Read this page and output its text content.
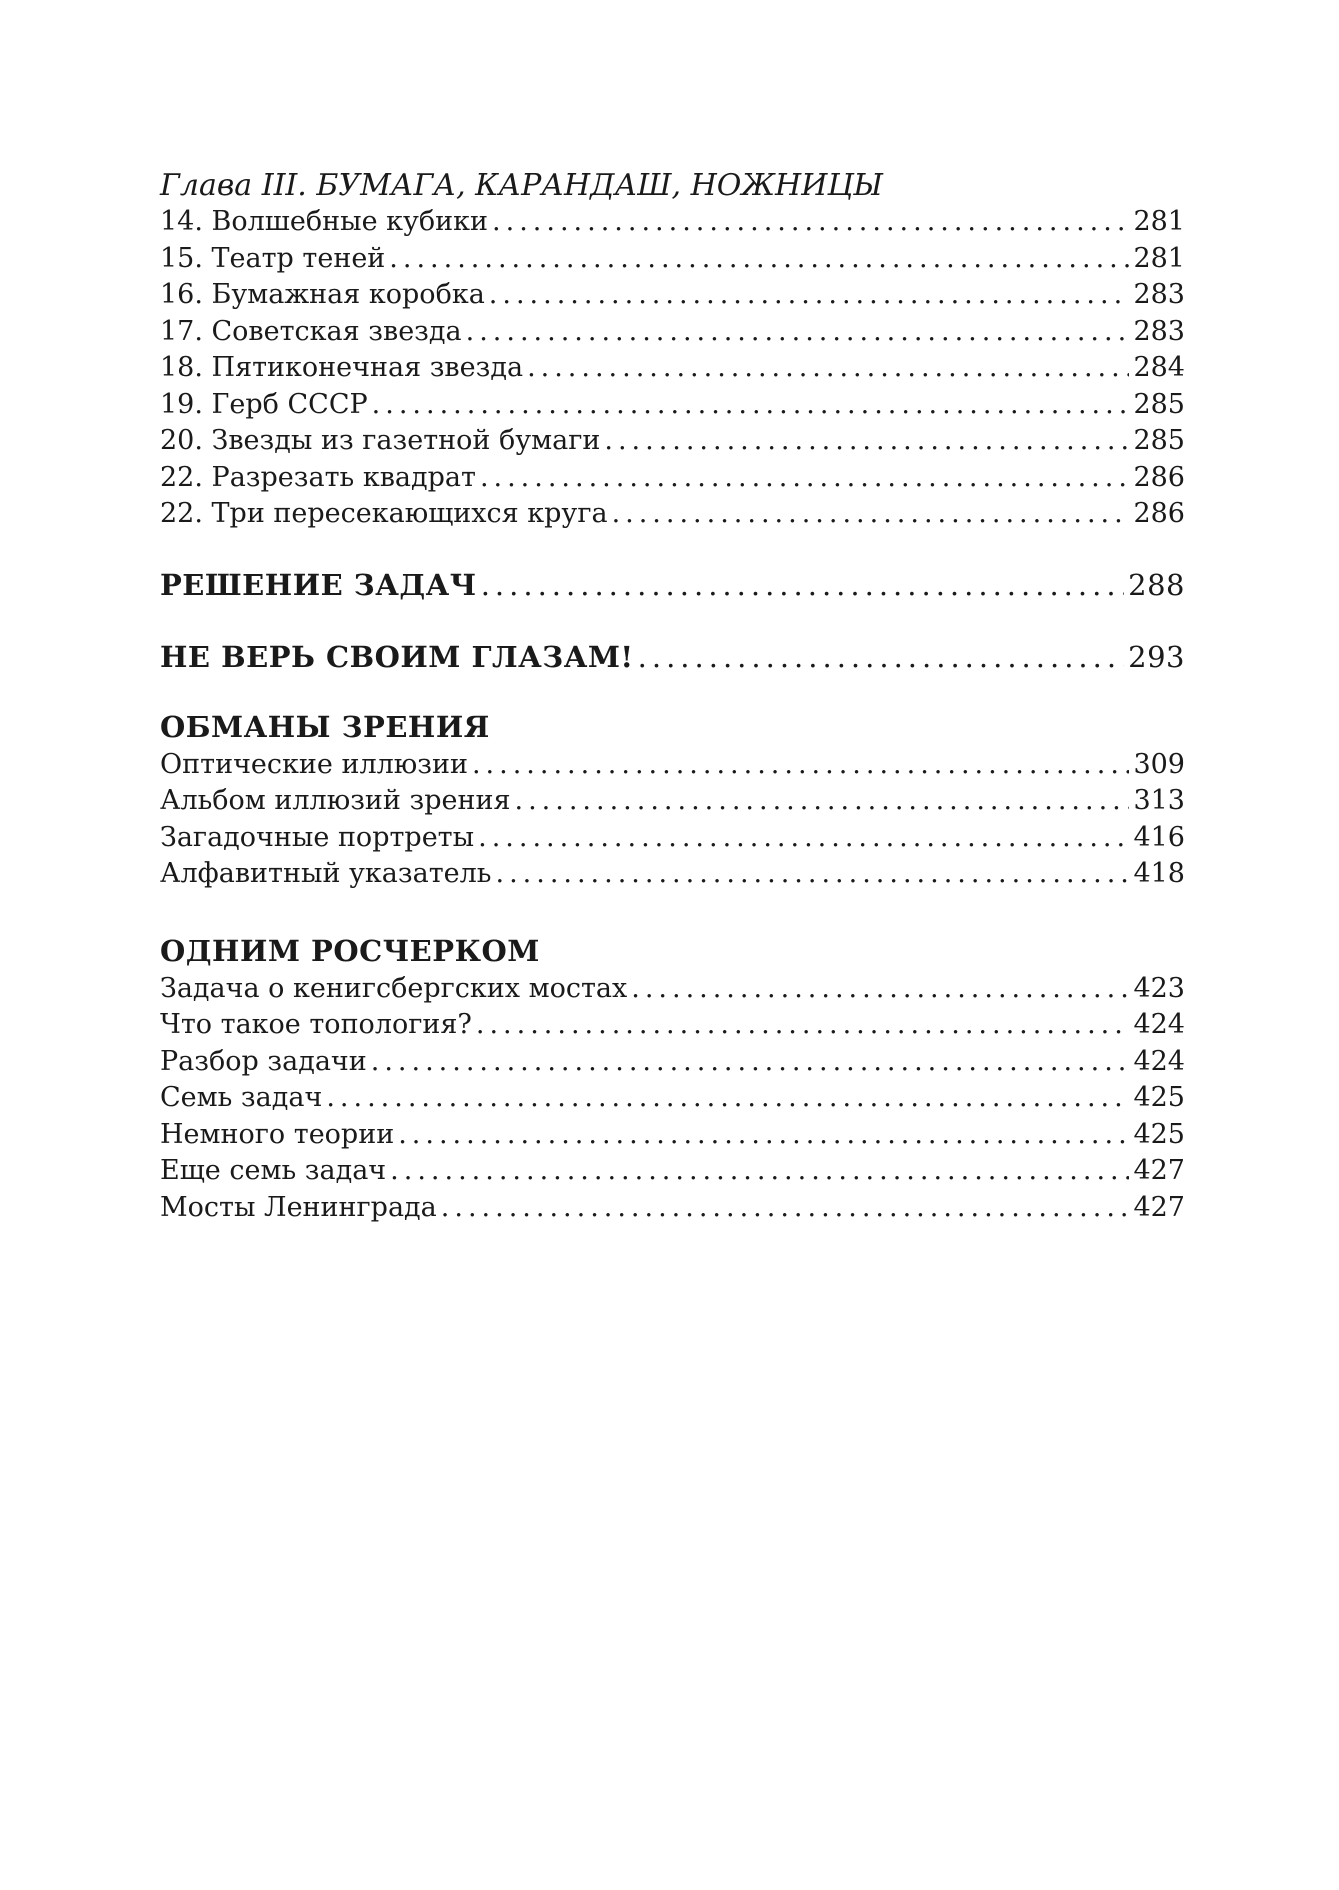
Глава III. БУМАГА, КАРАНДАШ, НОЖНИЦЫ
14. Волшебные кубики .....	281
15. Театр теней .....	281
16. Бумажная коробка .....	283
17. Советская звезда .....	283
18. Пятиконечная звезда .....	284
19. Герб СССР .....	285
20. Звезды из газетной бумаги .....	285
22. Разрезать квадрат .....	286
22. Три пересекающихся круга .....	286
РЕШЕНИЕ ЗАДАЧ .....	288
НЕ ВЕРЬ СВОИМ ГЛАЗАМ! .....	293
ОБМАНЫ ЗРЕНИЯ
Оптические иллюзии .....	309
Альбом иллюзий зрения .....	313
Загадочные портреты .....	416
Алфавитный указатель .....	418
ОДНИМ РОСЧЕРКОМ
Задача о кенигсбергских мостах .....	423
Что такое топология? .....	424
Разбор задачи .....	424
Семь задач .....	425
Немного теории .....	425
Еще семь задач .....	427
Мосты Ленинграда .....	427
